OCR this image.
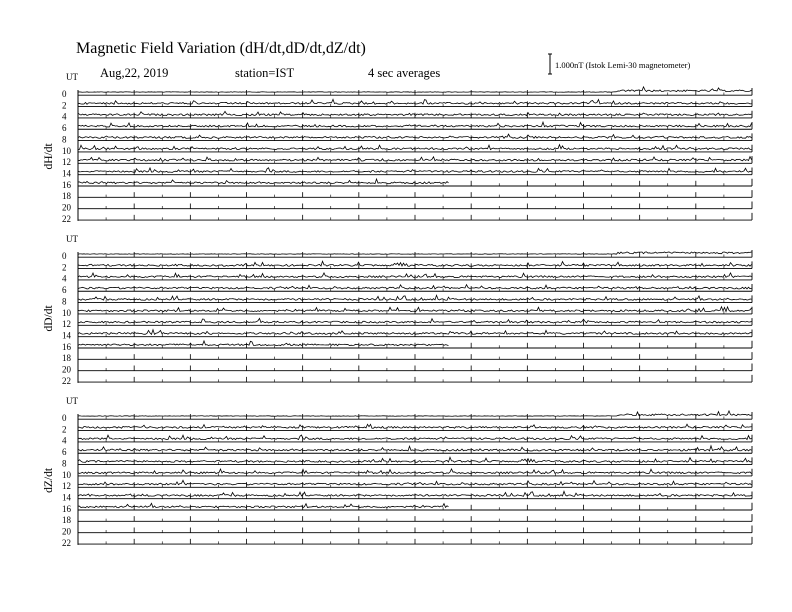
Magnetic Field Variation (dH/dt,dD/dt,dZ/dt)
Aug,22, 2019	station=IST	4 sec averages
1.000nT (Istok Lemi-30 magnetometer)
UT
dH/dt
0
2
4
6
8
10
12
14
16
18
20
22
UT
dD/dt
0
2
4
6
8
10
12
14
16
18
20
22
UT
dZ/dt
0
2
4
6
8
10
12
14
16
18
20
22
